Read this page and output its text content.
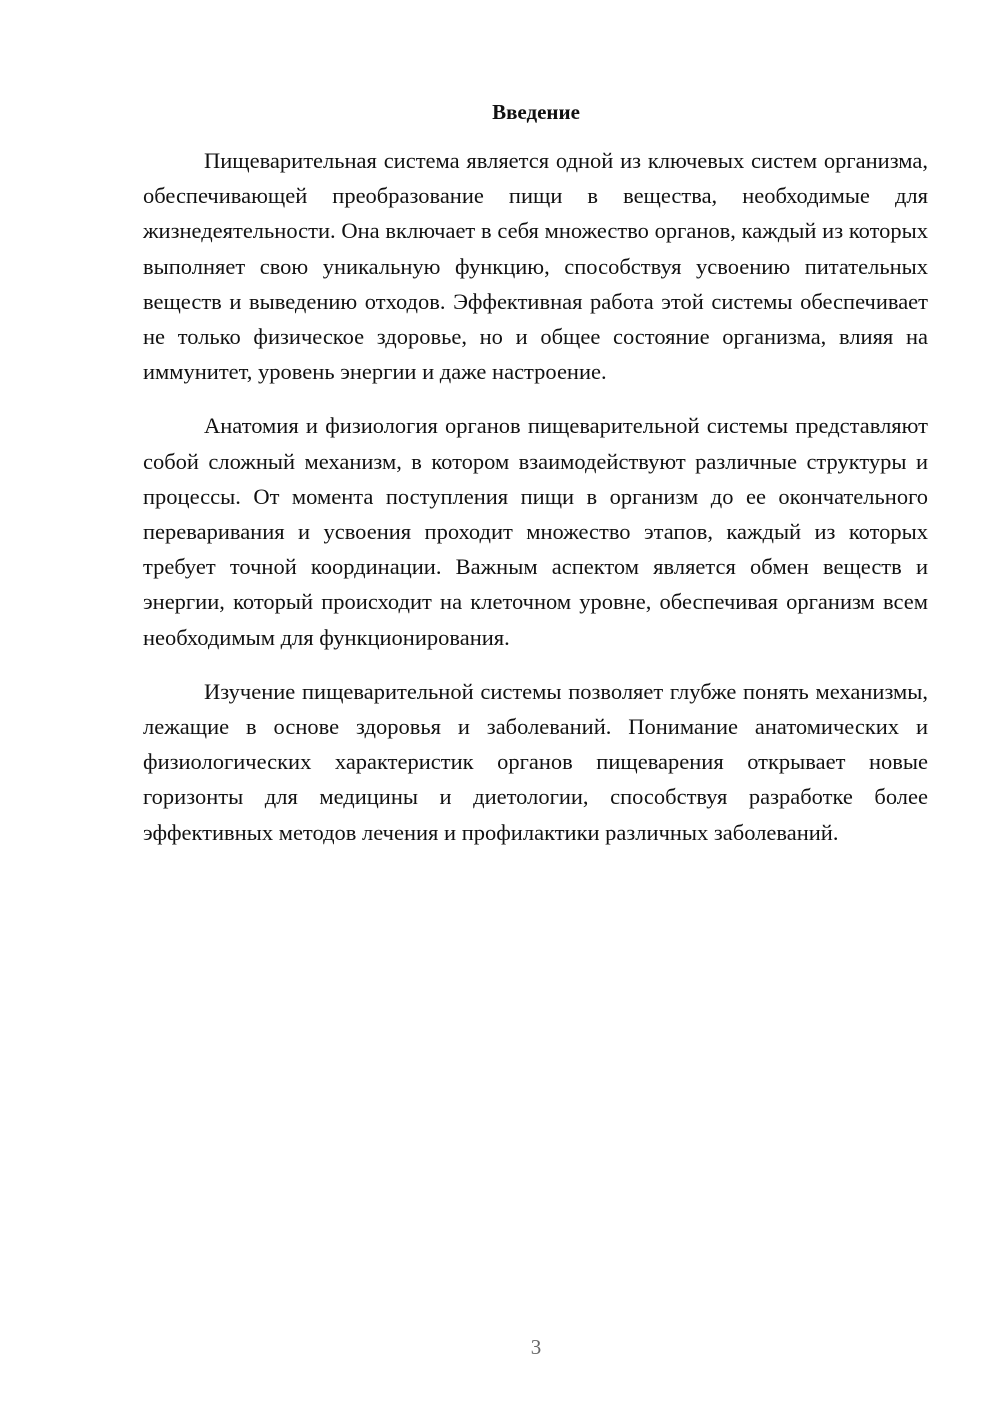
Введение

Пищеварительная система является одной из ключевых систем организма, обеспечивающей преобразование пищи в вещества, необходимые для жизнедеятельности. Она включает в себя множество органов, каждый из которых выполняет свою уникальную функцию, способствуя усвоению питательных веществ и выведению отходов. Эффективная работа этой системы обеспечивает не только физическое здоровье, но и общее состояние организма, влияя на иммунитет, уровень энергии и даже настроение.

Анатомия и физиология органов пищеварительной системы представляют собой сложный механизм, в котором взаимодействуют различные структуры и процессы. От момента поступления пищи в организм до ее окончательного переваривания и усвоения проходит множество этапов, каждый из которых требует точной координации. Важным аспектом является обмен веществ и энергии, который происходит на клеточном уровне, обеспечивая организм всем необходимым для функционирования.

Изучение пищеварительной системы позволяет глубже понять механизмы, лежащие в основе здоровья и заболеваний. Понимание анатомических и физиологических характеристик органов пищеварения открывает новые горизонты для медицины и диетологии, способствуя разработке более эффективных методов лечения и профилактики различных заболеваний.

3
